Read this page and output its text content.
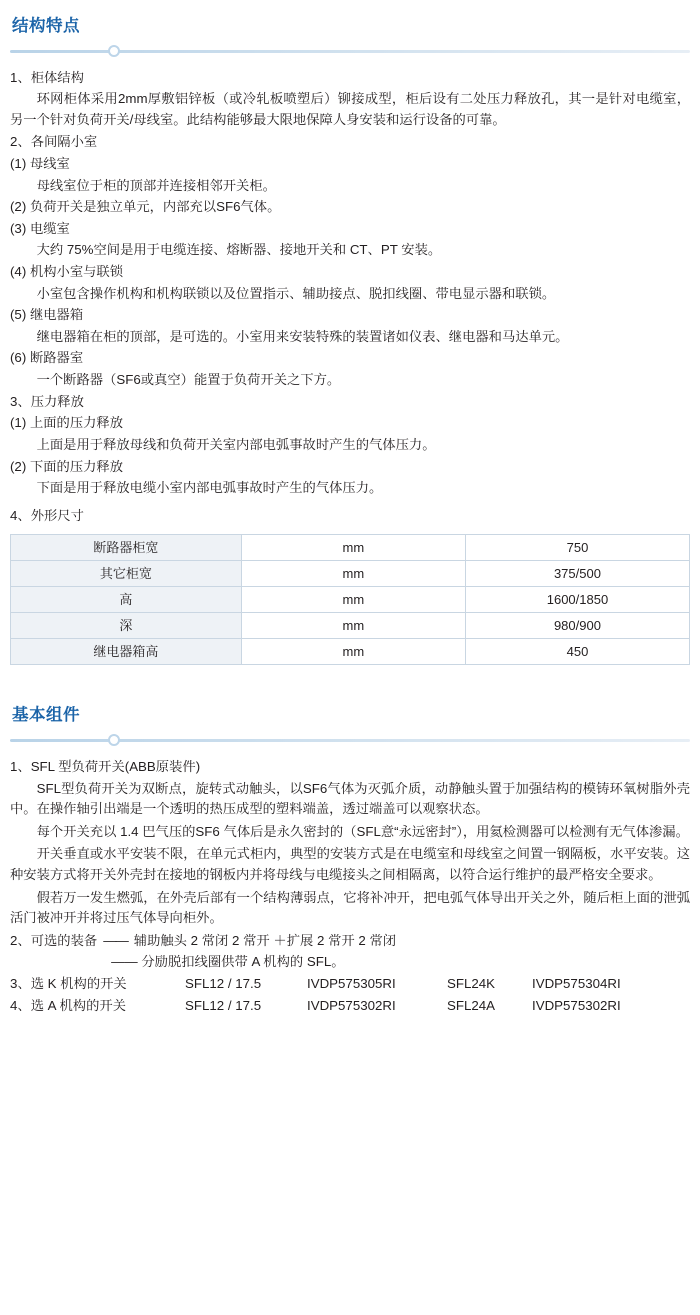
结构特点

1、柜体结构

环网柜体采用2mm厚敷铝锌板（或冷轧板喷塑后）铆接成型，柜后设有二处压力释放孔，其一是针对电缆室，另一个针对负荷开关/母线室。此结构能够最大限地保障人身安装和运行设备的可靠。

2、各间隔小室

(1) 母线室

母线室位于柜的顶部并连接相邻开关柜。

(2) 负荷开关是独立单元，内部充以SF6气体。

(3) 电缆室

大约 75%空间是用于电缆连接、熔断器、接地开关和 CT、PT 安装。

(4) 机构小室与联锁

小室包含操作机构和机构联锁以及位置指示、辅助接点、脱扣线圈、带电显示器和联锁。

(5) 继电器箱

继电器箱在柜的顶部，是可选的。小室用来安装特殊的装置诸如仪表、继电器和马达单元。

(6) 断路器室

一个断路器（SF6或真空）能置于负荷开关之下方。

3、压力释放

(1) 上面的压力释放

上面是用于释放母线和负荷开关室内部电弧事故时产生的气体压力。

(2) 下面的压力释放

下面是用于释放电缆小室内部电弧事故时产生的气体压力。

4、外形尺寸

断路器柜宽	mm	750
其它柜宽	mm	375/500
高	mm	1600/1850
深	mm	980/900
继电器箱高	mm	450
基本组件

1、SFL 型负荷开关(ABB原装件)

SFL型负荷开关为双断点，旋转式动触头，以SF6气体为灭弧介质，动静触头置于加强结构的模铸环氧树脂外壳中。在操作轴引出端是一个透明的热压成型的塑料端盖，透过端盖可以观察状态。

每个开关充以 1.4 巴气压的SF6 气体后是永久密封的（SFL意“永远密封”），用氦检测器可以检测有无气体渗漏。

开关垂直或水平安装不限，在单元式柜内，典型的安装方式是在电缆室和母线室之间置一钢隔板，水平安装。这种安装方式将开关外壳封在接地的钢板内并将母线与电缆接头之间相隔离，以符合运行维护的最严格安全要求。

假若万一发生燃弧，在外壳后部有一个结构薄弱点，它将补冲开，把电弧气体导出开关之外，随后柜上面的泄弧活门被冲开并将过压气体导向柜外。

2、可选的装备 —— 辅助触头 2 常闭 2 常开 ＋扩展 2 常开 2 常闭
—— 分励脱扣线圈供带 A 机构的 SFL。
3、选 K 机构的开关	SFL12 / 17.5	IVDP575305RI	SFL24K	IVDP575304RI
4、选 A 机构的开关	SFL12 / 17.5	IVDP575302RI	SFL24A	IVDP575302RI
